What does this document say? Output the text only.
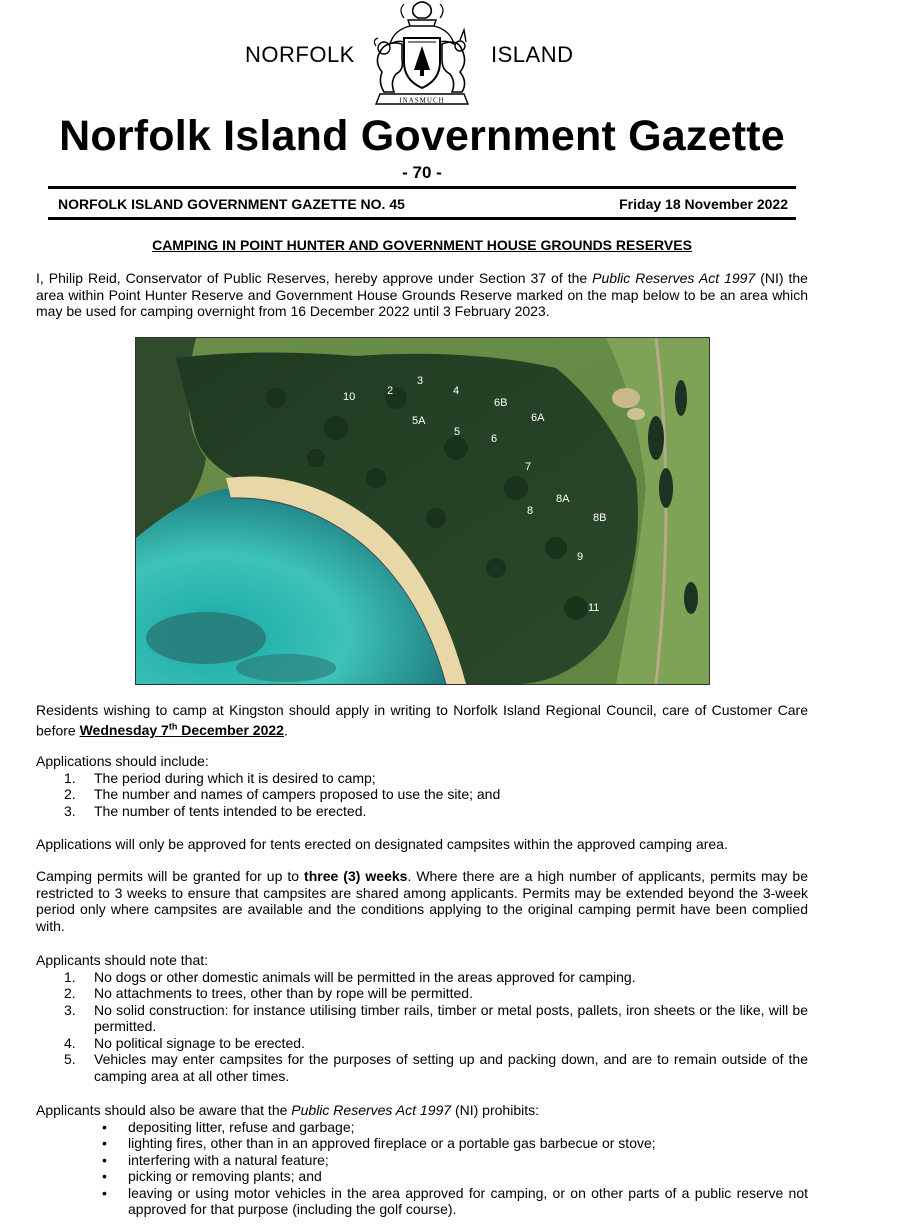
NORFOLK	ISLAND
INASMUCH
Norfolk Island Government Gazette
- 70 -
NORFOLK ISLAND GOVERNMENT GAZETTE NO. 45	Friday 18 November 2022
CAMPING IN POINT HUNTER AND GOVERNMENT HOUSE GROUNDS RESERVES

I, Philip Reid, Conservator of Public Reserves, hereby approve under Section 37 of the Public Reserves Act 1997 (NI) the area within Point Hunter Reserve and Government House Grounds Reserve marked on the map below to be an area which may be used for camping overnight from 16 December 2022 until 3 February 2023.

10	2
3
4
6B
6A
5A
5
6
7
8A
8
8B
9
11

Residents wishing to camp at Kingston should apply in writing to Norfolk Island Regional Council, care of Customer Care before Wednesday 7th December 2022.

Applications should include:

1. The period during which it is desired to camp;
2. The number and names of campers proposed to use the site; and
3. The number of tents intended to be erected.
Applications will only be approved for tents erected on designated campsites within the approved camping area.

Camping permits will be granted for up to three (3) weeks. Where there are a high number of applicants, permits may be restricted to 3 weeks to ensure that campsites are shared among applicants. Permits may be extended beyond the 3-week period only where campsites are available and the conditions applying to the original camping permit have been complied with.

Applicants should note that:

1. No dogs or other domestic animals will be permitted in the areas approved for camping.
2. No attachments to trees, other than by rope will be permitted.
3. No solid construction: for instance utilising timber rails, timber or metal posts, pallets, iron sheets or the like, will be permitted.
4. No political signage to be erected.
5. Vehicles may enter campsites for the purposes of setting up and packing down, and are to remain outside of the camping area at all other times.

Applicants should also be aware that the Public Reserves Act 1997 (NI) prohibits:

• depositing litter, refuse and garbage;
• lighting fires, other than in an approved fireplace or a portable gas barbecue or stove;
• interfering with a natural feature;
• picking or removing plants; and
• leaving or using motor vehicles in the area approved for camping, or on other parts of a public reserve not approved for that purpose (including the golf course).
